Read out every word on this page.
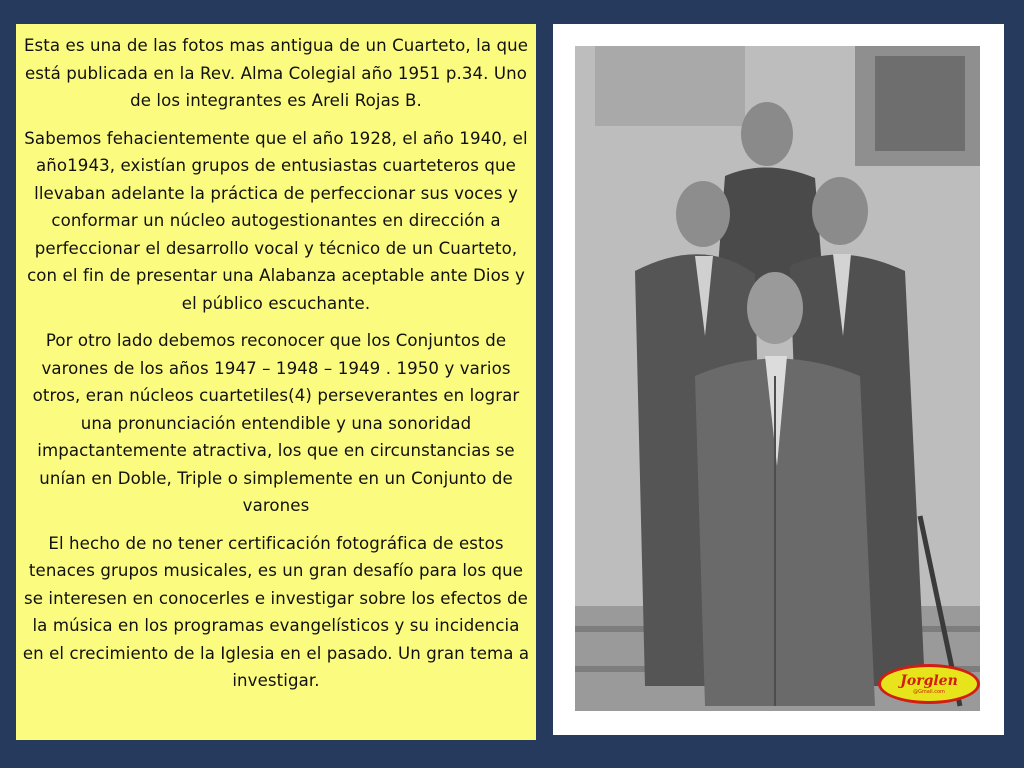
Esta es una de las fotos mas antigua de un Cuarteto, la que está publicada en la Rev. Alma Colegial año 1951 p.34. Uno de los integrantes es Areli Rojas B.

Sabemos fehacientemente que el año 1928, el año 1940, el año1943, existían grupos de entusiastas cuarteteros que llevaban adelante la práctica de perfeccionar sus voces y conformar un núcleo autogestionantes en dirección a perfeccionar el desarrollo vocal y técnico de un Cuarteto, con el fin de presentar una Alabanza aceptable ante Dios y el público escuchante.

Por otro lado debemos reconocer que los Conjuntos de varones de los años 1947 – 1948 – 1949 . 1950 y varios otros, eran núcleos cuartetiles(4) perseverantes en lograr una pronunciación entendible y una sonoridad impactantemente atractiva, los que en circunstancias se unían en Doble, Triple o simplemente en un Conjunto de varones

El hecho de no tener certificación fotográfica de estos tenaces grupos musicales, es un gran desafío para los que se interesen en conocerles e investigar sobre los efectos de la música en los programas evangelísticos y su incidencia en el crecimiento de la Iglesia en el pasado. Un gran tema a investigar.	Jorglen
@Gmail.com
